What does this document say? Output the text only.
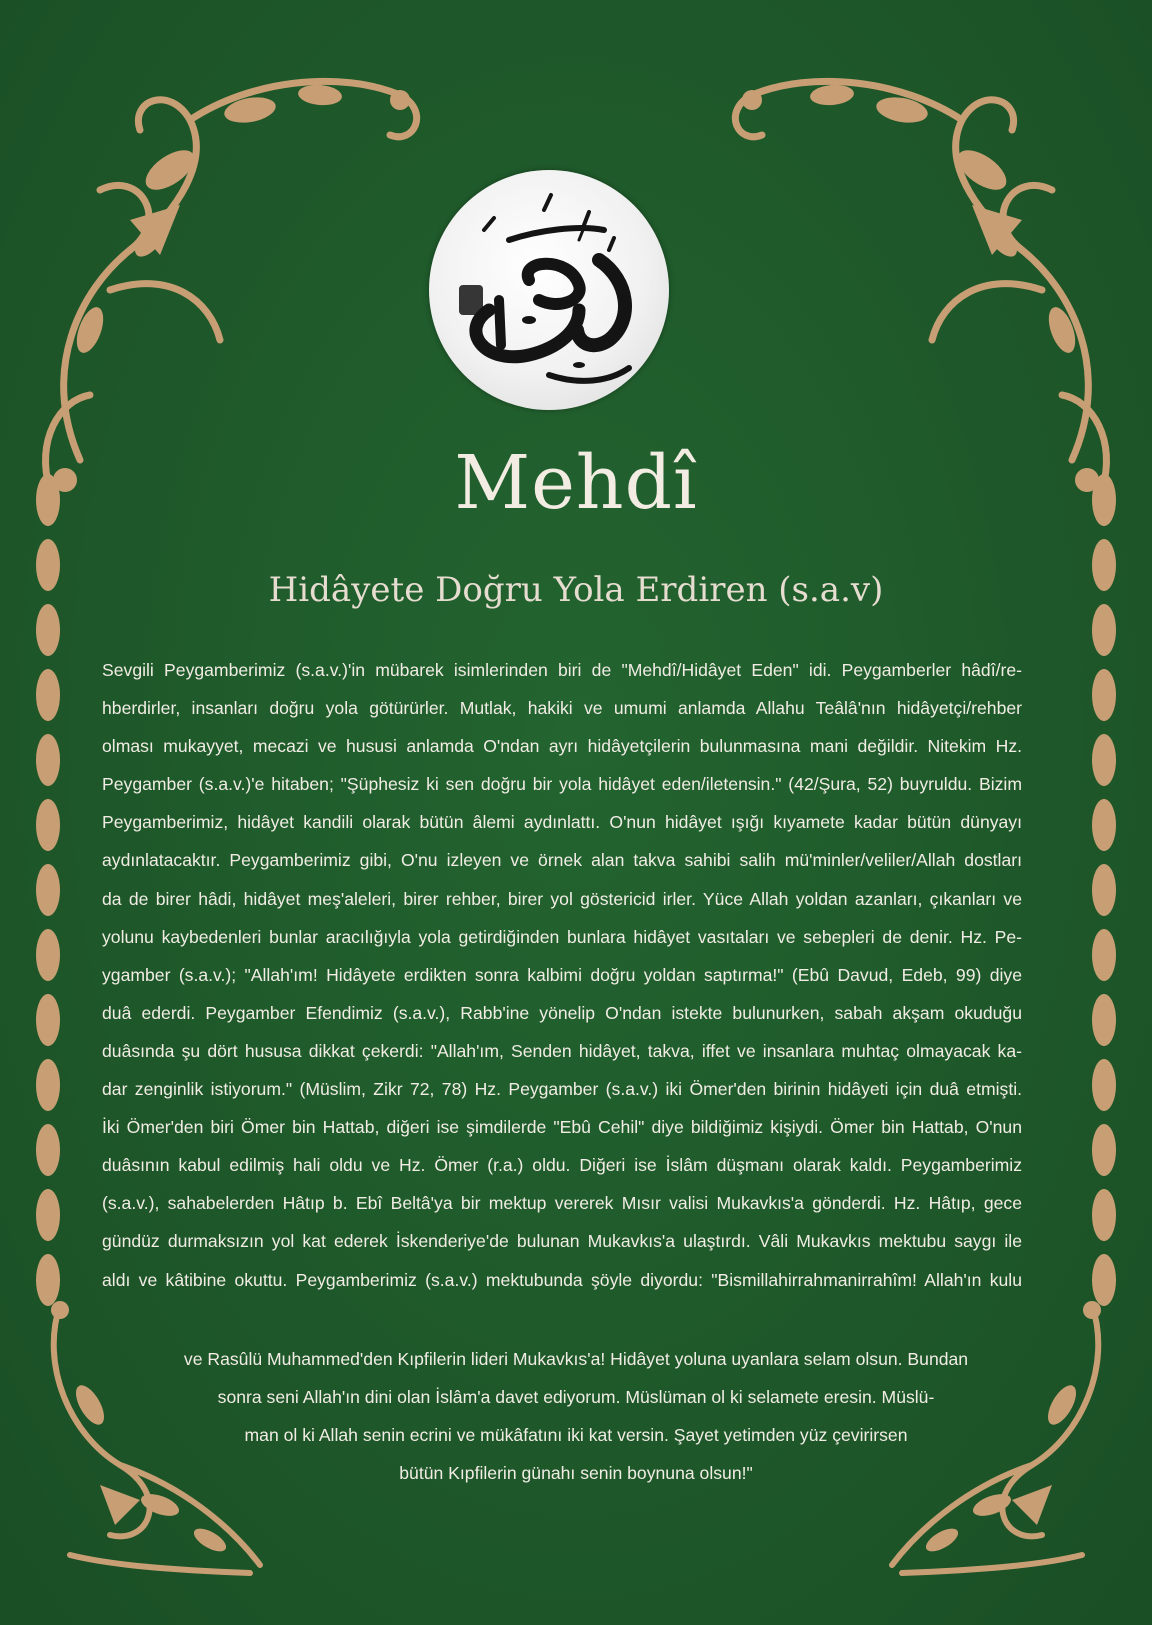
Mehdî
Hidâyete Doğru Yola Erdiren (s.a.v)
Sevgili Peygamberimiz (s.a.v.)'in mübarek isimlerinden biri de "Mehdî/Hidâyet Eden" idi. Peygamberler hâdî/re-
hberdirler, insanları doğru yola götürürler. Mutlak, hakiki ve umumi anlamda Allahu Teâlâ'nın hidâyetçi/rehber
olması mukayyet, mecazi ve hususi anlamda O'ndan ayrı hidâyetçilerin bulunmasına mani değildir. Nitekim Hz.
Peygamber (s.a.v.)'e hitaben; "Şüphesiz ki sen doğru bir yola hidâyet eden/iletensin." (42/Şura, 52) buyruldu. Bizim
Peygamberimiz, hidâyet kandili olarak bütün âlemi aydınlattı. O'nun hidâyet ışığı kıyamete kadar bütün dünyayı
aydınlatacaktır. Peygamberimiz gibi, O'nu izleyen ve örnek alan takva sahibi salih mü'minler/veliler/Allah dostları
da de birer hâdi, hidâyet meş'aleleri, birer rehber, birer yol göstericid irler. Yüce Allah yoldan azanları, çıkanları ve
yolunu kaybedenleri bunlar aracılığıyla yola getirdiğinden bunlara hidâyet vasıtaları ve sebepleri de denir. Hz. Pe-
ygamber (s.a.v.); "Allah'ım! Hidâyete erdikten sonra kalbimi doğru yoldan saptırma!" (Ebû Davud, Edeb, 99) diye
duâ ederdi. Peygamber Efendimiz (s.a.v.), Rabb'ine yönelip O'ndan istekte bulunurken, sabah akşam okuduğu
duâsında şu dört hususa dikkat çekerdi: "Allah'ım, Senden hidâyet, takva, iffet ve insanlara muhtaç olmayacak ka-
dar zenginlik istiyorum." (Müslim, Zikr 72, 78) Hz. Peygamber (s.a.v.) iki Ömer'den birinin hidâyeti için duâ etmişti.
İki Ömer'den biri Ömer bin Hattab, diğeri ise şimdilerde "Ebû Cehil" diye bildiğimiz kişiydi. Ömer bin Hattab, O'nun
duâsının kabul edilmiş hali oldu ve Hz. Ömer (r.a.) oldu. Diğeri ise İslâm düşmanı olarak kaldı. Peygamberimiz
(s.a.v.), sahabelerden Hâtıp b. Ebî Beltâ'ya bir mektup vererek Mısır valisi Mukavkıs'a gönderdi. Hz. Hâtıp, gece
gündüz durmaksızın yol kat ederek İskenderiye'de bulunan Mukavkıs'a ulaştırdı. Vâli Mukavkıs mektubu saygı ile
aldı ve kâtibine okuttu. Peygamberimiz (s.a.v.) mektubunda şöyle diyordu: "Bismillahirrahmanirrahîm! Allah'ın kulu
ve Rasûlü Muhammed'den Kıpfilerin lideri Mukavkıs'a! Hidâyet yoluna uyanlara selam olsun. Bundan
sonra seni Allah'ın dini olan İslâm'a davet ediyorum. Müslüman ol ki selamete eresin. Müslü-
man ol ki Allah senin ecrini ve mükâfatını iki kat versin. Şayet yetimden yüz çevirirsen
bütün Kıpfilerin günahı senin boynuna olsun!"
